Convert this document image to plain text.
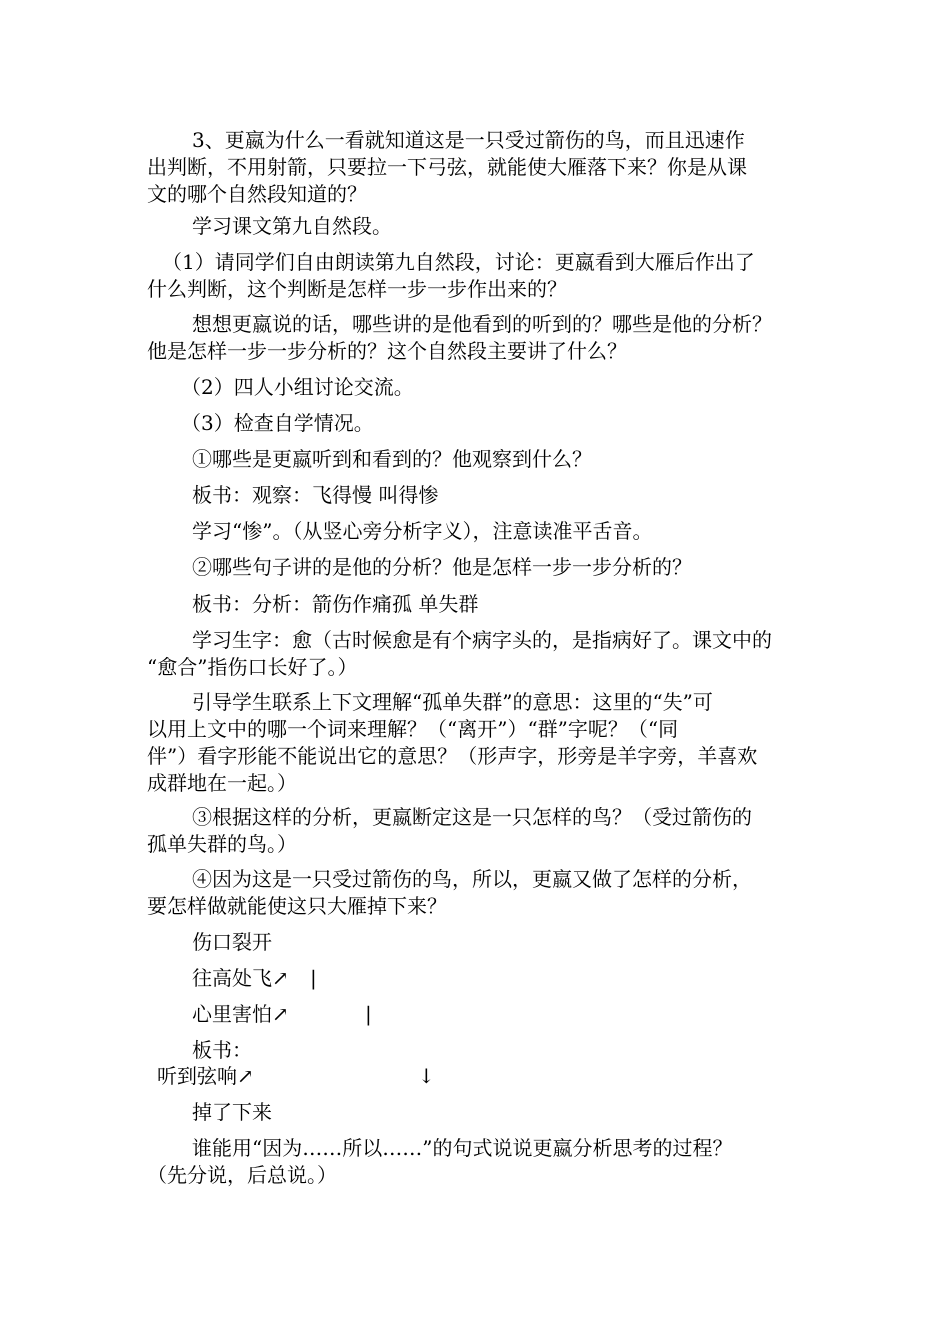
3、更嬴为什么一看就知道这是一只受过箭伤的鸟，而且迅速作
出判断，不用射箭，只要拉一下弓弦，就能使大雁落下来？你是从课
文的哪个自然段知道的？
学习课文第九自然段。
（1）请同学们自由朗读第九自然段，讨论：更嬴看到大雁后作出了
什么判断，这个判断是怎样一步一步作出来的？
想想更嬴说的话，哪些讲的是他看到的听到的？哪些是他的分析？
他是怎样一步一步分析的？这个自然段主要讲了什么？
（2）四人小组讨论交流。
（3）检查自学情况。
①哪些是更嬴听到和看到的？他观察到什么？
板书：观察：飞得慢 叫得惨
学习“惨”。（从竖心旁分析字义），注意读准平舌音。
②哪些句子讲的是他的分析？他是怎样一步一步分析的？
板书：分析：箭伤作痛孤 单失群
学习生字：愈（古时候愈是有个病字头的，是指病好了。课文中的
“愈合”指伤口长好了。）
引导学生联系上下文理解“孤单失群”的意思：这里的“失”可
以用上文中的哪一个词来理解？（“离开”）“群”字呢？（“同
伴”）看字形能不能说出它的意思？（形声字，形旁是羊字旁，羊喜欢
成群地在一起。）
③根据这样的分析，更嬴断定这是一只怎样的鸟？（受过箭伤的
孤单失群的鸟。）
④因为这是一只受过箭伤的鸟，所以，更嬴又做了怎样的分析，
要怎样做就能使这只大雁掉下来？
伤口裂开
往高处飞↗ |
心里害怕↗	|
板书：
听到弦响↗	↓
掉了下来
谁能用“因为……所以……”的句式说说更嬴分析思考的过程？
（先分说，后总说。）
